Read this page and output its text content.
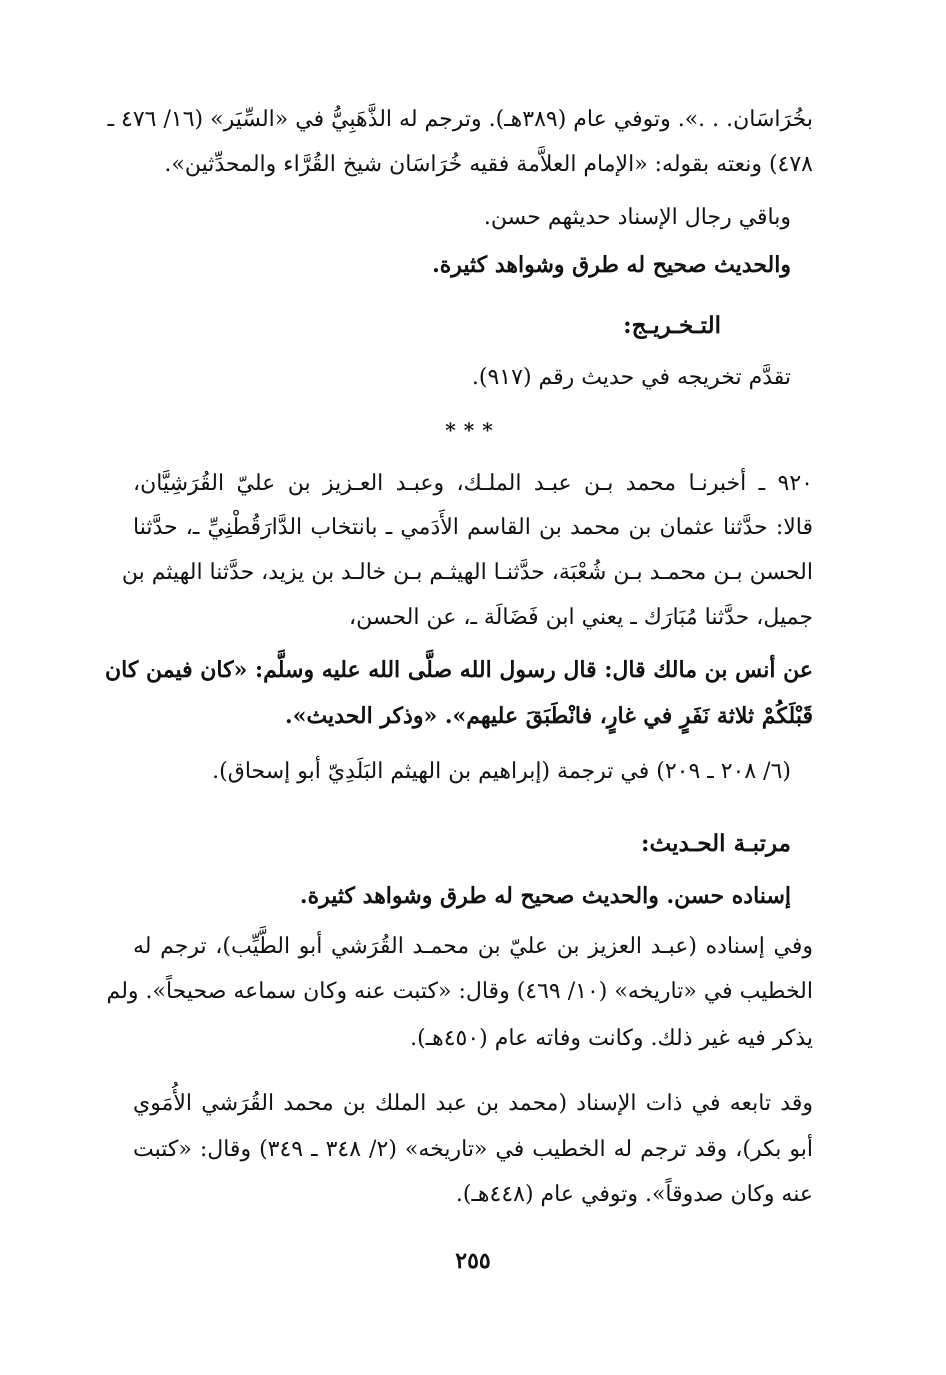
بخُرَاسَان. . .». وتوفي عام (٣٨٩هـ). وترجم له الذَّهَبِيُّ في «السِّيَر» (١٦/ ٤٧٦ ـ
٤٧٨) ونعته بقوله: «الإمام العلاَّمة فقيه خُرَاسَان شيخ القُرَّاء والمحدِّثين».
وباقي رجال الإسناد حديثهم حسن.
والحديث صحيح له طرق وشواهد كثيرة.
التـخـريـج:
تقدَّم تخريجه في حديث رقم (٩١٧).
***
٩٢٠ ـ أخبرنـا محمد بـن عبـد الملـك، وعبـد العـزيز بن عليّ القُرَشِيَّان،
قالا: حدَّثنا عثمان بن محمد بن القاسم الأَدَمي ـ بانتخاب الدَّارَقُطْنِيِّ ـ، حدَّثنا
الحسن بـن محمـد بـن شُعْبَة، حدَّثنـا الهيثـم بـن خالـد بن يزيد، حدَّثنا الهيثم بن
جميل، حدَّثنا مُبَارَك ـ يعني ابن فَضَالَة ـ، عن الحسن،
عن أنس بن مالك قال: قال رسول الله صلَّى الله عليه وسلَّم: «كان فيمن كان
قَبْلَكُمْ ثلاثة نَفَرٍ في غارٍ، فانْطَبَقَ عليهم». «وذكر الحديث».
(٦/ ٢٠٨ ـ ٢٠٩) في ترجمة (إبراهيم بن الهيثم البَلَدِيّ أبو إسحاق).
مرتبـة الحـديث:
إسناده حسن. والحديث صحيح له طرق وشواهد كثيرة.
وفي إسناده (عبـد العزيز بن عليّ بن محمـد القُرَشي أبو الطَّيِّب)، ترجم له
الخطيب في «تاريخه» (١٠/ ٤٦٩) وقال: «كتبت عنه وكان سماعه صحيحاً». ولم
يذكر فيه غير ذلك. وكانت وفاته عام (٤٥٠هـ).
وقد تابعه في ذات الإسناد (محمد بن عبد الملك بن محمد القُرَشي الأُمَوي
أبو بكر)، وقد ترجم له الخطيب في «تاريخه» (٢/ ٣٤٨ ـ ٣٤٩) وقال: «كتبت
عنه وكان صدوقاً». وتوفي عام (٤٤٨هـ).
٢٥٥
